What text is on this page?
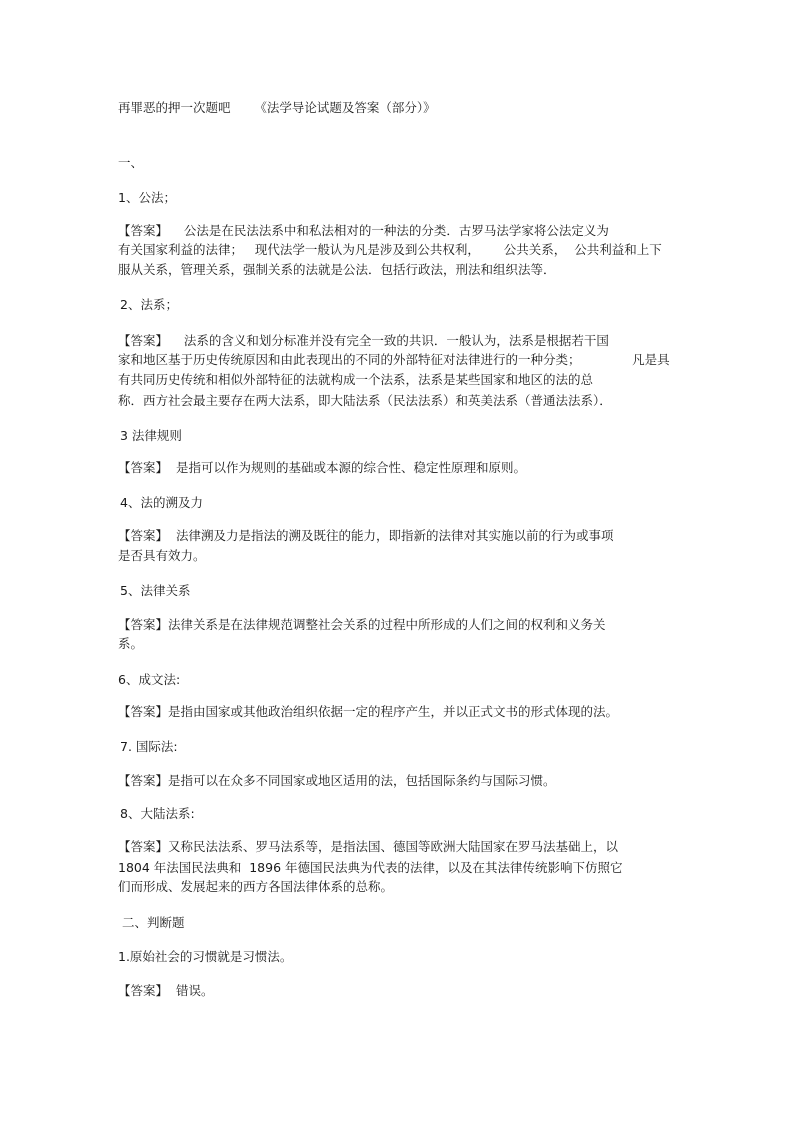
再罪恶的押一次题吧 《法学导论试题及答案（部分）》
一、
1、公法；
【答案】    公法是在民法法系中和私法相对的一种法的分类．古罗马法学家将公法定义为
有关国家利益的法律；   现代法学一般认为凡是涉及到公共权利，      公共关系，  公共利益和上下
服从关系，管理关系，强制关系的法就是公法．包括行政法，刑法和组织法等．
2、法系；
【答案】    法系的含义和划分标准并没有完全一致的共识．一般认为，法系是根据若干国
家和地区基于历史传统原因和由此表现出的不同的外部特征对法律进行的一种分类；             凡是具
有共同历史传统和相似外部特征的法就构成一个法系，法系是某些国家和地区的法的总
称．西方社会最主要存在两大法系，即大陆法系（民法法系）和英美法系（普通法法系）．
3 法律规则
【答案】  是指可以作为规则的基础或本源的综合性、稳定性原理和原则。
4、法的溯及力
【答案】  法律溯及力是指法的溯及既往的能力，即指新的法律对其实施以前的行为或事项
是否具有效力。
5、法律关系
【答案】法律关系是在法律规范调整社会关系的过程中所形成的人们之间的权利和义务关
系。
6、成文法:
【答案】是指由国家或其他政治组织依据一定的程序产生，并以正式文书的形式体现的法。
7. 国际法:
【答案】是指可以在众多不同国家或地区适用的法，包括国际条约与国际习惯。
8、大陆法系:
【答案】又称民法法系、罗马法系等，是指法国、德国等欧洲大陆国家在罗马法基础上，以
1804 年法国民法典和  1896 年德国民法典为代表的法律，以及在其法律传统影响下仿照它
们而形成、发展起来的西方各国法律体系的总称。
二、判断题
1.原始社会的习惯就是习惯法。
【答案】  错误。
